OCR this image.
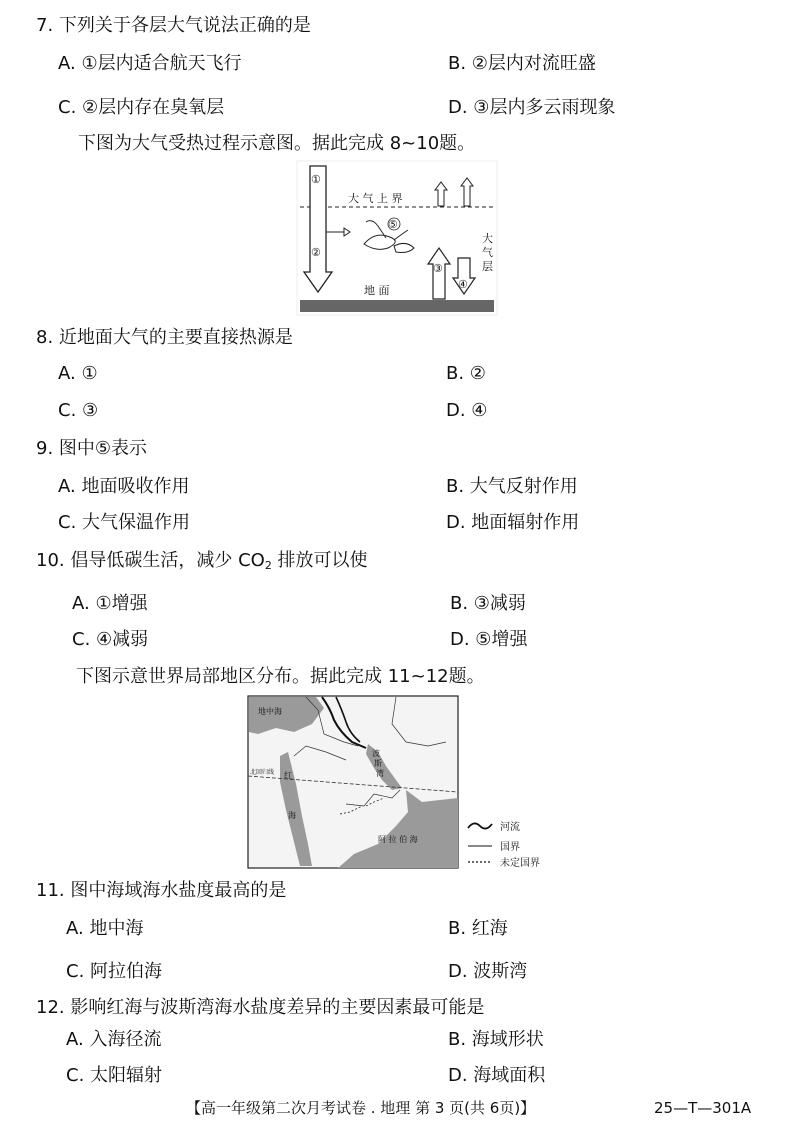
7. 下列关于各层大气说法正确的是
A. ①层内适合航天飞行	B. ②层内对流旺盛
C. ②层内存在臭氧层	D. ③层内多云雨现象
下图为大气受热过程示意图。据此完成 8~10题。
大 气 上 界
①
②
⑤
大
气
层
③
④
地 面
8. 近地面大气的主要直接热源是
A. ①	B. ②
C. ③	D. ④
9. 图中⑤表示
A. 地面吸收作用	B. 大气反射作用
C. 大气保温作用	D. 地面辐射作用
10. 倡导低碳生活，减少 $CO_2$ 排放可以使
A. ①增强	B. ③减弱
C. ④减弱	D. ⑤增强
下图示意世界局部地区分布。据此完成 11~12题。
地中海
红
海
波
斯
湾
阿 拉 伯 海
北回归线
河流
国界
未定国界
11. 图中海域海水盐度最高的是
A. 地中海	B. 红海
C. 阿拉伯海	D. 波斯湾
12. 影响红海与波斯湾海水盐度差异的主要因素最可能是
A. 入海径流	B. 海域形状
C. 太阳辐射	D. 海域面积
【高一年级第二次月考试卷 . 地理 第 3 页(共 6页)】	25—T—301A
